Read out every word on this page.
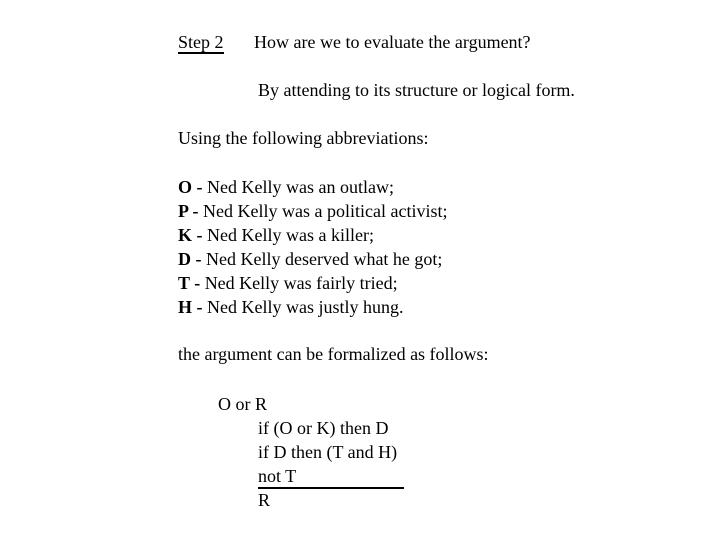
Step 2 How are we to evaluate the argument?
By attending to its structure or logical form.
Using the following abbreviations:
O - Ned Kelly was an outlaw;
P - Ned Kelly was a political activist;
K - Ned Kelly was a killer;
D - Ned Kelly deserved what he got;
T - Ned Kelly was fairly tried;
H - Ned Kelly was justly hung.
the argument can be formalized as follows:
O or R
if (O or K) then D
if D then (T and H)
not T
R
